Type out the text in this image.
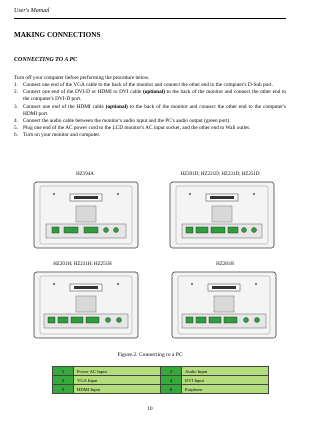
User's Manual
MAKING CONNECTIONS
CONNECTING TO A PC
Turn off your computer before performing the procedure below.
1. Connect one end of the VGA cable to the back of the monitor and connect the other end to the computer's D-Sub port.
2. Connect one end of the DVI-D or HDMI to DVI cable (optional) to the back of the monitor and connect the other end to the computer's DVI-D port.
3. Connect one end of the HDMI cable (optional) to the back of the monitor and connect the other end to the computer's HDMI port.
4. Connect the audio cable between the monitor's audio input and the PC's audio output (green port).
5. Plug one end of the AC power cord to the LCD monitor's AC input socket, and the other end to Wall outlet.
6. Turn on your monitor and computer.
HZ194A	HZ201D; HZ221D; HZ231D; HZ251D
HZ201H; HZ231H; HZ251H	HZ281H
Figure.2. Connecting to a PC
1	Power AC Input	2	Audio Input
3	VGA Input	4	DVI Input
5	HDMI Input	6	Earphone
10
